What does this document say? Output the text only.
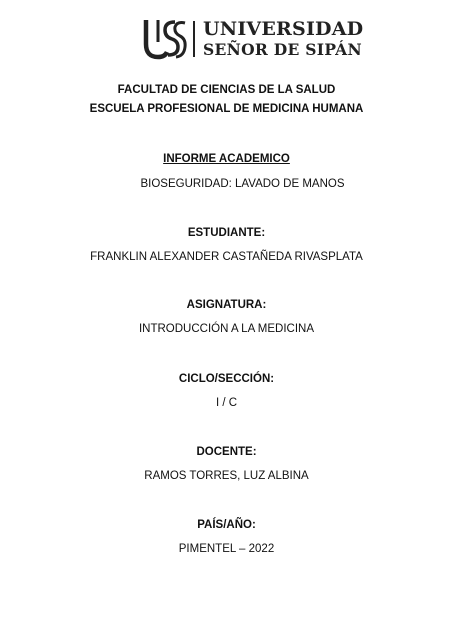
UNIVERSIDAD
SEÑOR DE SIPÁN
FACULTAD DE CIENCIAS DE LA SALUD
ESCUELA PROFESIONAL DE MEDICINA HUMANA
INFORME ACADEMICO
BIOSEGURIDAD: LAVADO DE MANOS
ESTUDIANTE:
FRANKLIN ALEXANDER CASTAÑEDA RIVASPLATA
ASIGNATURA:
INTRODUCCIÓN A LA MEDICINA
CICLO/SECCIÓN:
I / C
DOCENTE:
RAMOS TORRES, LUZ ALBINA
PAÍS/AÑO:
PIMENTEL – 2022
